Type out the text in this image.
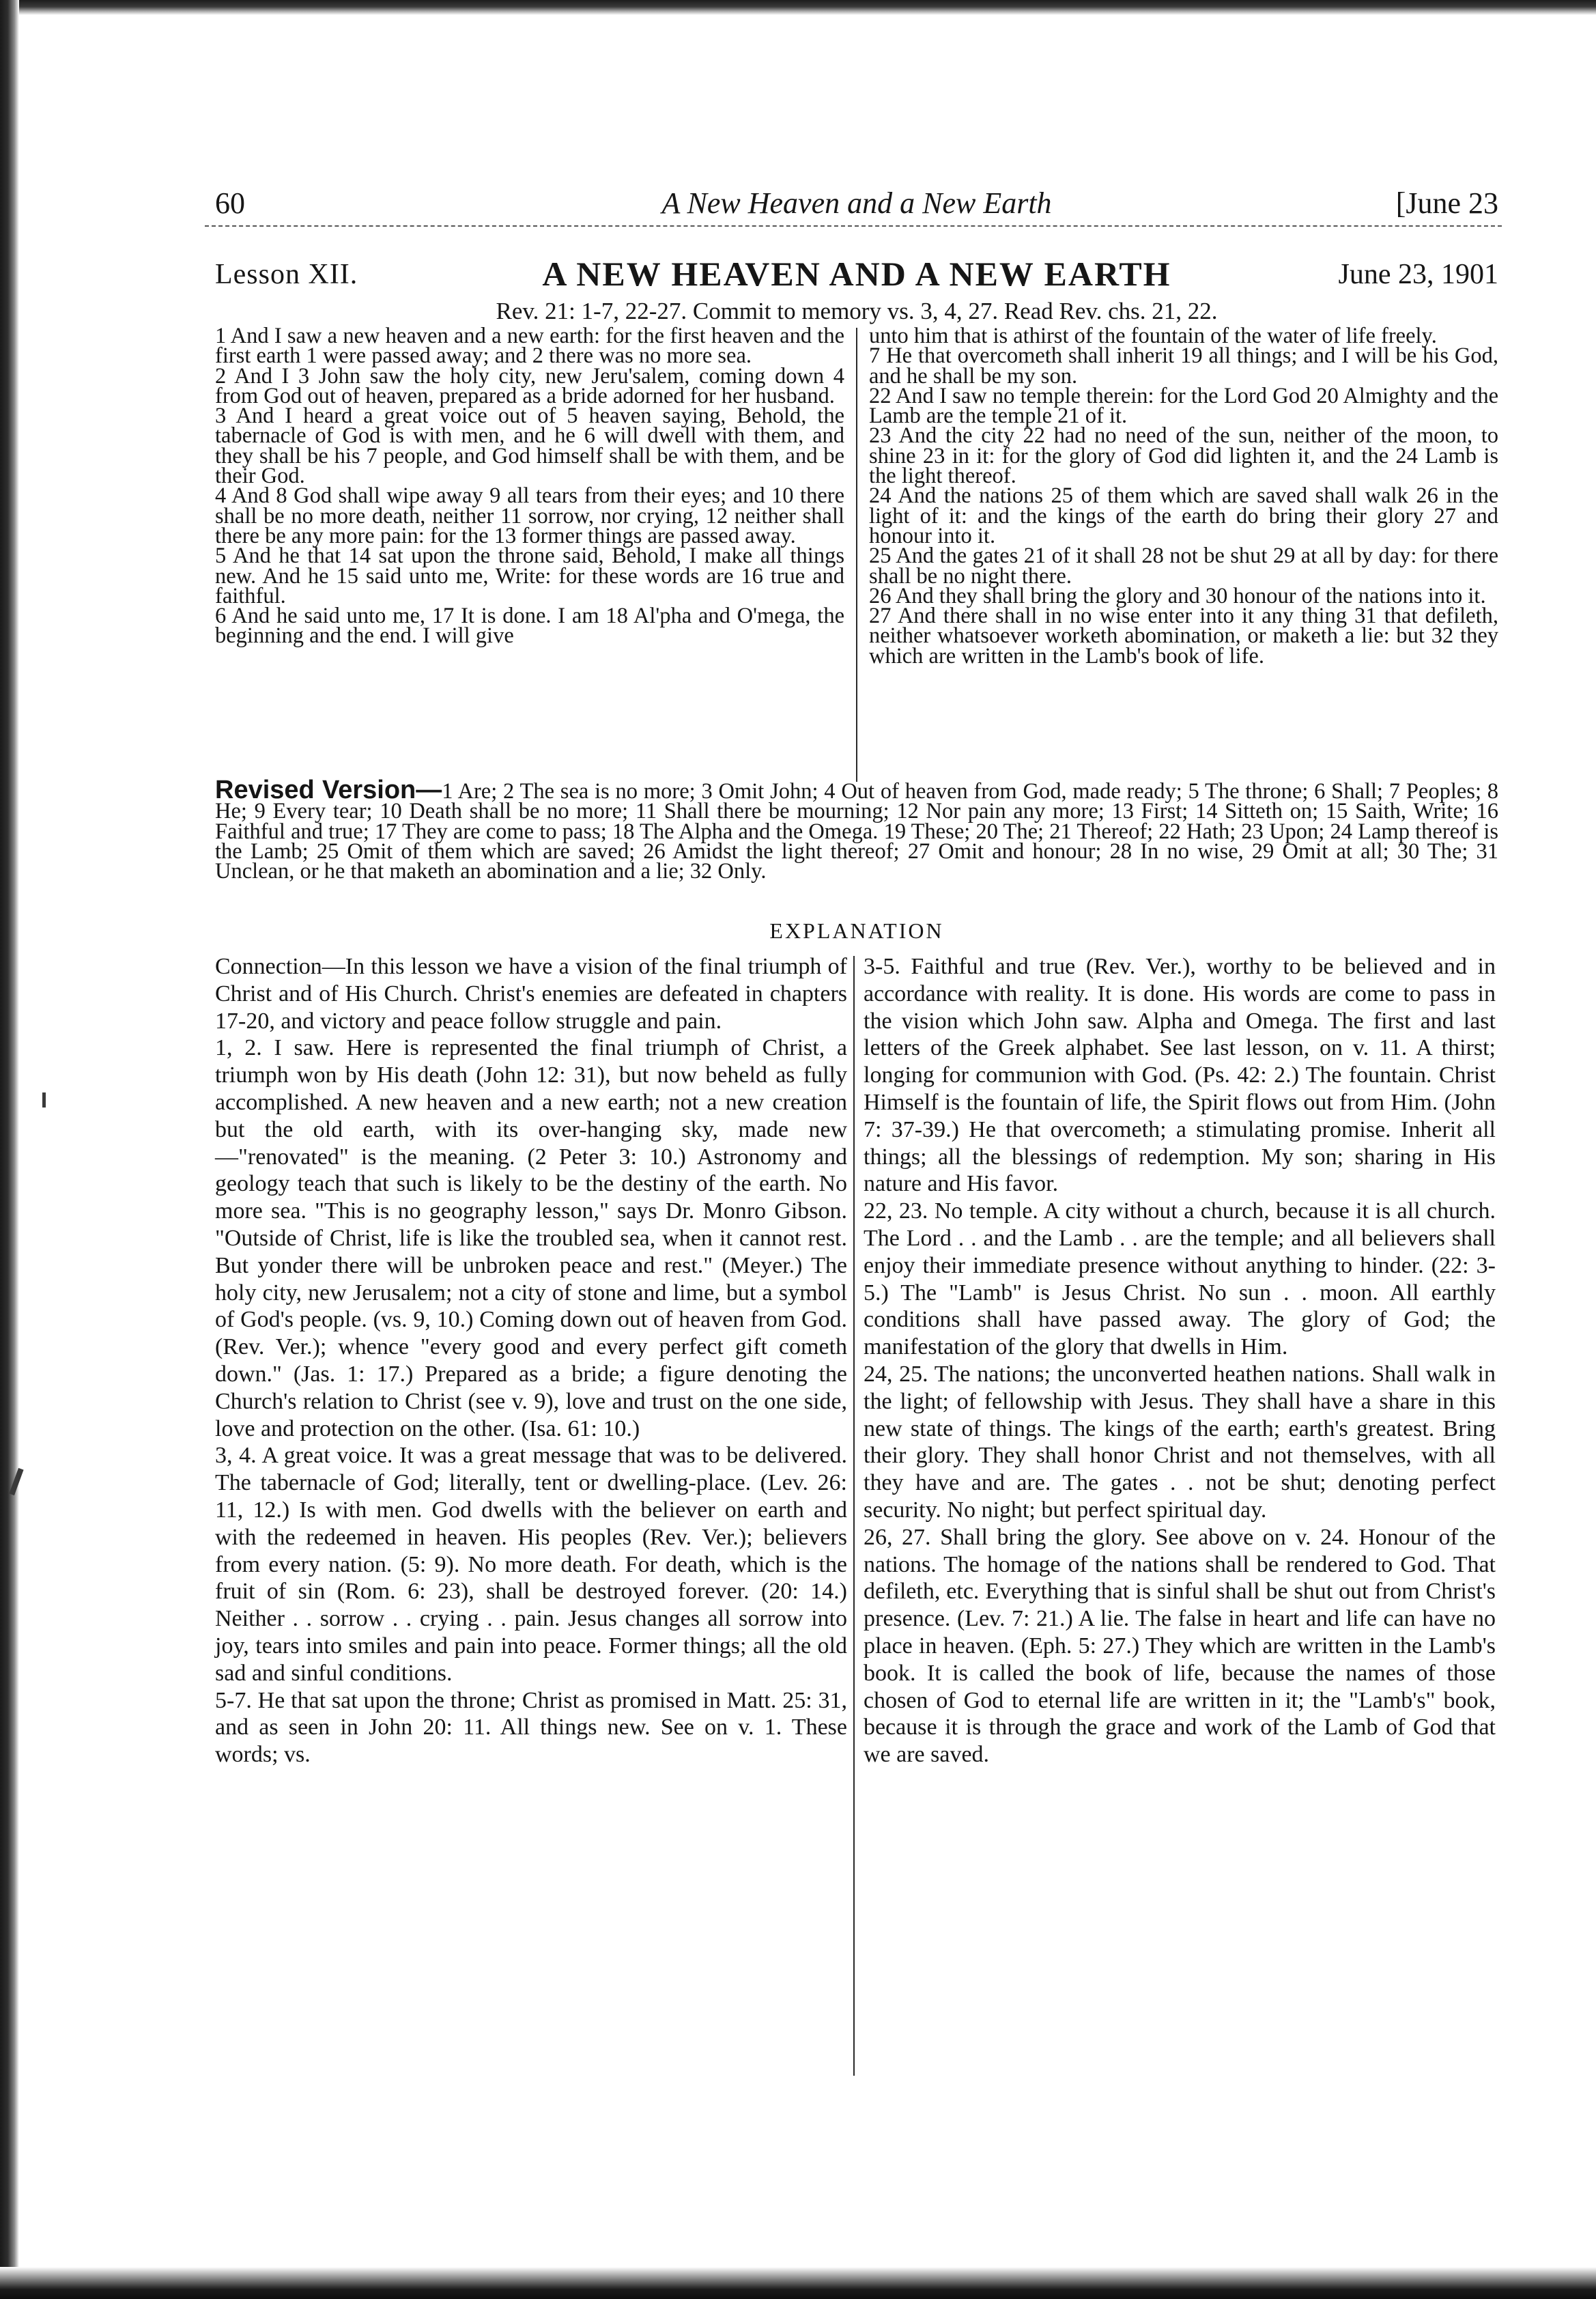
60	A New Heaven and a New Earth	[June 23
Lesson XII.	A NEW HEAVEN AND A NEW EARTH	June 23, 1901
Rev. 21: 1-7, 22-27. Commit to memory vs. 3, 4, 27. Read Rev. chs. 21, 22.
1 And I saw a new heaven and a new earth: for the first heaven and the first earth 1 were passed away; and 2 there was no more sea.
2 And I 3 John saw the holy city, new Jeru'salem, coming down 4 from God out of heaven, prepared as a bride adorned for her husband.
3 And I heard a great voice out of 5 heaven saying, Behold, the tabernacle of God is with men, and he 6 will dwell with them, and they shall be his 7 people, and God himself shall be with them, and be their God.
4 And 8 God shall wipe away 9 all tears from their eyes; and 10 there shall be no more death, neither 11 sorrow, nor crying, 12 neither shall there be any more pain: for the 13 former things are passed away.
5 And he that 14 sat upon the throne said, Behold, I make all things new. And he 15 said unto me, Write: for these words are 16 true and faithful.
6 And he said unto me, 17 It is done. I am 18 Al'pha and O'mega, the beginning and the end. I will give
unto him that is athirst of the fountain of the water of life freely.
7 He that overcometh shall inherit 19 all things; and I will be his God, and he shall be my son.
22 And I saw no temple therein: for the Lord God 20 Almighty and the Lamb are the temple 21 of it.
23 And the city 22 had no need of the sun, neither of the moon, to shine 23 in it: for the glory of God did lighten it, and the 24 Lamb is the light thereof.
24 And the nations 25 of them which are saved shall walk 26 in the light of it: and the kings of the earth do bring their glory 27 and honour into it.
25 And the gates 21 of it shall 28 not be shut 29 at all by day: for there shall be no night there.
26 And they shall bring the glory and 30 honour of the nations into it.
27 And there shall in no wise enter into it any thing 31 that defileth, neither whatsoever worketh abomination, or maketh a lie: but 32 they which are written in the Lamb's book of life.
Revised Version—1 Are; 2 The sea is no more; 3 Omit John; 4 Out of heaven from God, made ready; 5 The throne; 6 Shall; 7 Peoples; 8 He; 9 Every tear; 10 Death shall be no more; 11 Shall there be mourning; 12 Nor pain any more; 13 First; 14 Sitteth on; 15 Saith, Write; 16 Faithful and true; 17 They are come to pass; 18 The Alpha and the Omega. 19 These; 20 The; 21 Thereof; 22 Hath; 23 Upon; 24 Lamp thereof is the Lamb; 25 Omit of them which are saved; 26 Amidst the light thereof; 27 Omit and honour; 28 In no wise, 29 Omit at all; 30 The; 31 Unclean, or he that maketh an abomination and a lie; 32 Only.
EXPLANATION
Connection—In this lesson we have a vision of the final triumph of Christ and of His Church. Christ's enemies are defeated in chapters 17-20, and victory and peace follow struggle and pain.
1, 2. I saw. Here is represented the final triumph of Christ, a triumph won by His death (John 12: 31), but now beheld as fully accomplished. A new heaven and a new earth; not a new creation but the old earth, with its over-hanging sky, made new—"renovated" is the meaning. (2 Peter 3: 10.) Astronomy and geology teach that such is likely to be the destiny of the earth. No more sea. "This is no geography lesson," says Dr. Monro Gibson. "Outside of Christ, life is like the troubled sea, when it cannot rest. But yonder there will be unbroken peace and rest." (Meyer.) The holy city, new Jerusalem; not a city of stone and lime, but a symbol of God's people. (vs. 9, 10.) Coming down out of heaven from God. (Rev. Ver.); whence "every good and every perfect gift cometh down." (Jas. 1: 17.) Prepared as a bride; a figure denoting the Church's relation to Christ (see v. 9), love and trust on the one side, love and protection on the other. (Isa. 61: 10.)
3, 4. A great voice. It was a great message that was to be delivered. The tabernacle of God; literally, tent or dwelling-place. (Lev. 26: 11, 12.) Is with men. God dwells with the believer on earth and with the redeemed in heaven. His peoples (Rev. Ver.); believers from every nation. (5: 9). No more death. For death, which is the fruit of sin (Rom. 6: 23), shall be destroyed forever. (20: 14.) Neither . . sorrow . . crying . . pain. Jesus changes all sorrow into joy, tears into smiles and pain into peace. Former things; all the old sad and sinful conditions.
5-7. He that sat upon the throne; Christ as promised in Matt. 25: 31, and as seen in John 20: 11. All things new. See on v. 1. These words; vs.
3-5. Faithful and true (Rev. Ver.), worthy to be believed and in accordance with reality. It is done. His words are come to pass in the vision which John saw. Alpha and Omega. The first and last letters of the Greek alphabet. See last lesson, on v. 11. A thirst; longing for communion with God. (Ps. 42: 2.) The fountain. Christ Himself is the fountain of life, the Spirit flows out from Him. (John 7: 37-39.) He that overcometh; a stimulating promise. Inherit all things; all the blessings of redemption. My son; sharing in His nature and His favor.
22, 23. No temple. A city without a church, because it is all church. The Lord . . and the Lamb . . are the temple; and all believers shall enjoy their immediate presence without anything to hinder. (22: 3-5.) The "Lamb" is Jesus Christ. No sun . . moon. All earthly conditions shall have passed away. The glory of God; the manifestation of the glory that dwells in Him.
24, 25. The nations; the unconverted heathen nations. Shall walk in the light; of fellowship with Jesus. They shall have a share in this new state of things. The kings of the earth; earth's greatest. Bring their glory. They shall honor Christ and not themselves, with all they have and are. The gates . . not be shut; denoting perfect security. No night; but perfect spiritual day.
26, 27. Shall bring the glory. See above on v. 24. Honour of the nations. The homage of the nations shall be rendered to God. That defileth, etc. Everything that is sinful shall be shut out from Christ's presence. (Lev. 7: 21.) A lie. The false in heart and life can have no place in heaven. (Eph. 5: 27.) They which are written in the Lamb's book. It is called the book of life, because the names of those chosen of God to eternal life are written in it; the "Lamb's" book, because it is through the grace and work of the Lamb of God that we are saved.
